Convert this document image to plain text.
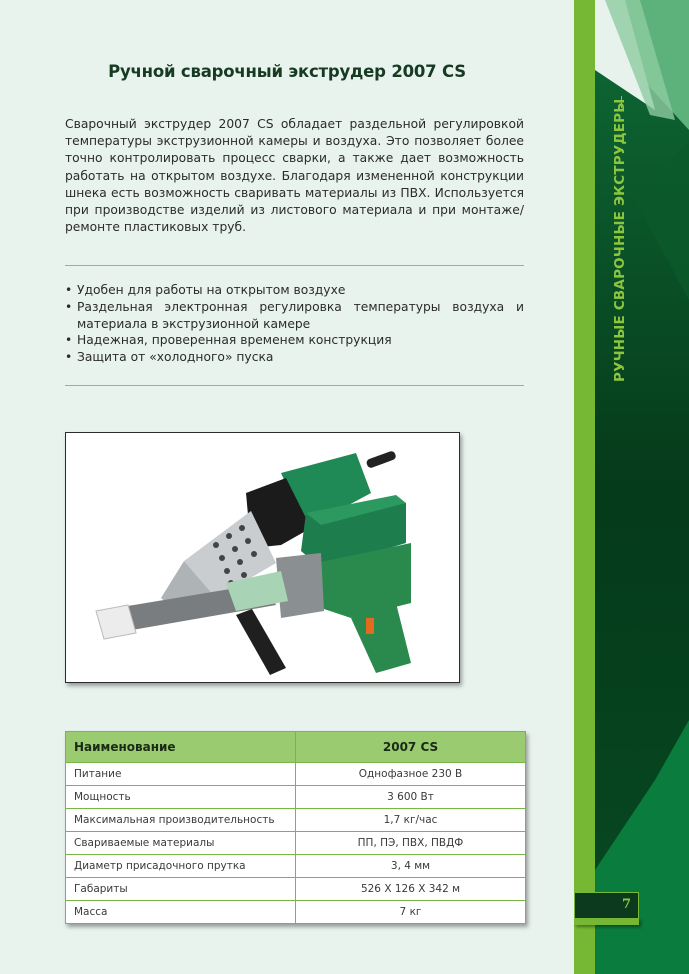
Ручной сварочный экструдер 2007 CS
Сварочный экструдер 2007 CS обладает раздельной регулировкой температуры экструзионной камеры и воздуха. Это позволяет более точно контролировать процесс сварки, а также дает возможность работать на открытом воздухе. Благодаря измененной конструкции шнека есть возможность сваривать материалы из ПВХ. Используется при производстве изделий из листового материала и при монтаже/ ремонте пластиковых труб.
• Удобен для работы на открытом воздухе
• Раздельная электронная регулировка температуры воздуха и материала в экструзионной камере
• Надежная, проверенная временем конструкция
• Защита от «холодного» пуска
Наименование	2007 CS
Питание	Однофазное 230 В
Мощность	3 600 Вт
Максимальная производительность	1,7 кг/час
Свариваемые материалы	ПП, ПЭ, ПВХ, ПВДФ
Диаметр присадочного прутка	3, 4 мм
Габариты	526 X 126 X 342 м
Масса	7 кг
РУЧНЫЕ СВАРОЧНЫЕ ЭКСТРУДЕРЫ
7
